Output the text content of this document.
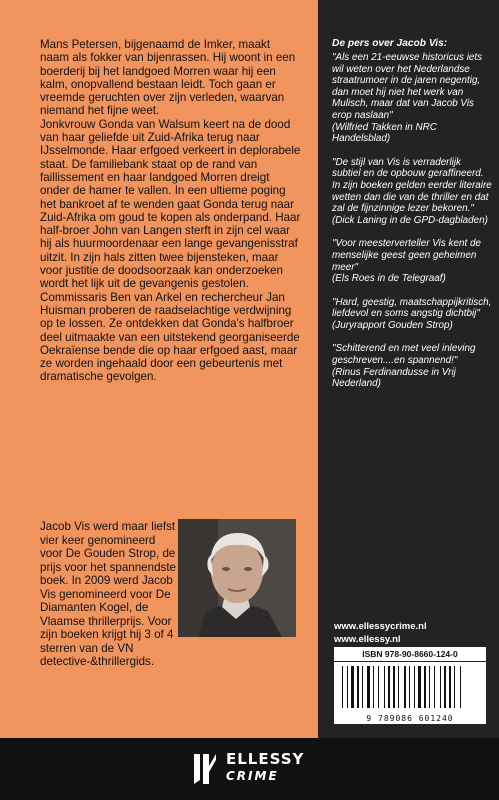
Mans Petersen, bijgenaamd de Imker, maakt naam als fokker van bijenrassen. Hij woont in een boerderij bij het landgoed Morren waar hij een kalm, onopvallend bestaan leidt. Toch gaan er vreemde geruchten over zijn verleden, waarvan niemand het fijne weet.
Jonkvrouw Gonda van Walsum keert na de dood van haar geliefde uit Zuid-Afrika terug naar IJsselmonde. Haar erfgoed verkeert in deplorabele staat. De familiebank staat op de rand van faillissement en haar landgoed Morren dreigt onder de hamer te vallen. In een ultieme poging het bankroet af te wenden gaat Gonda terug naar Zuid-Afrika om goud te kopen als onderpand. Haar half-broer John van Langen sterft in zijn cel waar hij als huurmoordenaar een lange gevangenisstraf uitzit. In zijn hals zitten twee bijensteken, maar voor justitie de doodsoorzaak kan onderzoeken wordt het lijk uit de gevangenis gestolen. Commissaris Ben van Arkel en rechercheur Jan Huisman proberen de raadselachtige verdwijning op te lossen. Ze ontdekken dat Gonda's halfbroer deel uitmaakte van een uitstekend georganiseerde Oekraïense bende die op haar erfgoed aast, maar ze worden ingehaald door een gebeurtenis met dramatische gevolgen.

Jacob Vis werd maar liefst vier keer genomineerd voor De Gouden Strop, de prijs voor het spannendste boek. In 2009 werd Jacob Vis genomineerd voor De Diamanten Kogel, de Vlaamse thrillerprijs. Voor zijn boeken krijgt hij 3 of 4 sterren van de VN detective-&thrillergids.

De pers over Jacob Vis:

"Als een 21-eeuwse historicus iets wil weten over het Nederlandse straatrumoer in de jaren negentig, dan moet hij niet het werk van Mulisch, maar dat van Jacob Vis erop naslaan"
(Wilfried Takken in NRC Handelsblad)
"De stijl van Vis is verraderlijk subtiel en de opbouw geraffineerd. In zijn boeken gelden eerder literaire wetten dan die van de thriller en dat zal de fijnzinnige lezer bekoren."
(Dick Laning in de GPD-dagbladen)
"Voor meesterverteller Vis kent de menselijke geest geen geheimen meer"
(Els Roes in de Telegraaf)
"Hard, geestig, maatschappijkritisch, liefdevol en soms angstig dichtbij"
(Juryrapport Gouden Strop)
"Schitterend en met veel inleving geschreven....en spannend!"
(Rinus Ferdinandusse in Vrij Nederland)
www.ellessycrime.nl
www.ellessy.nl
ISBN 978-90-8660-124-0
9 789086 601240
ELLESSY
CRIME
